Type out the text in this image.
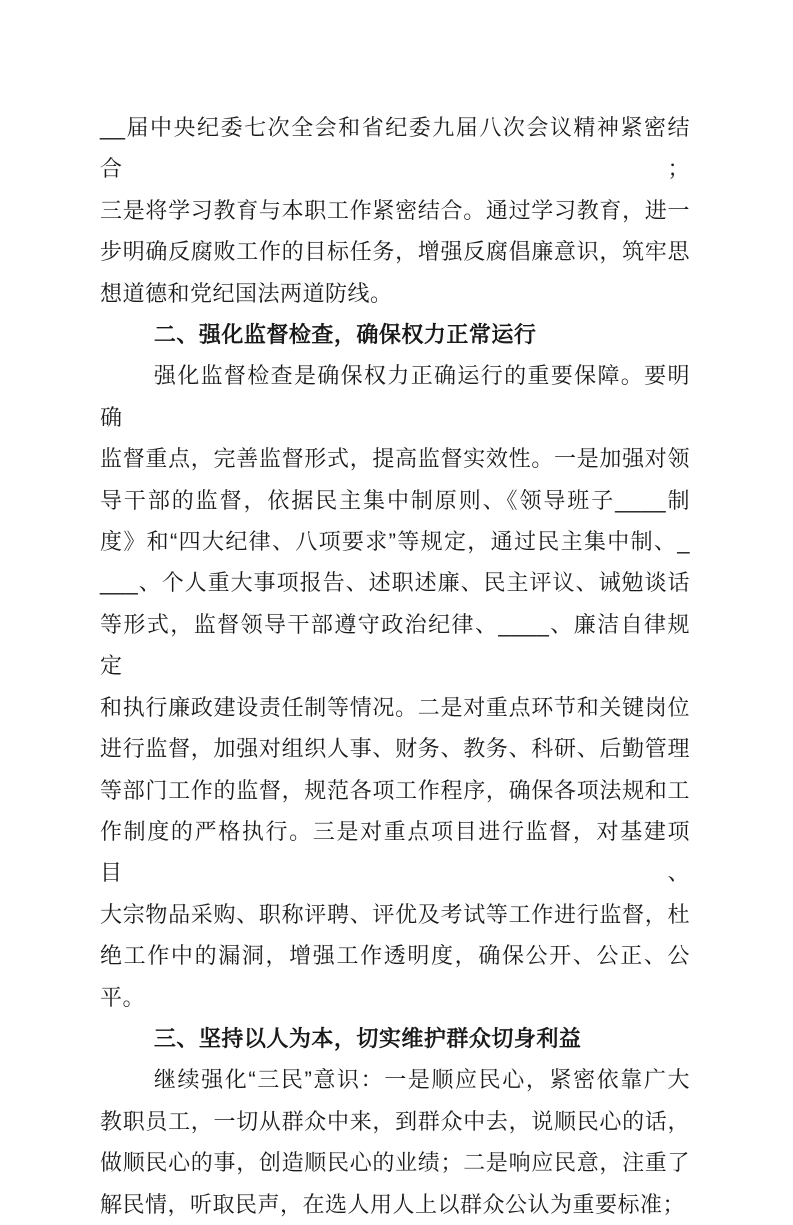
__届中央纪委七次全会和省纪委九届八次会议精神紧密结合；
三是将学习教育与本职工作紧密结合。通过学习教育，进一
步明确反腐败工作的目标任务，增强反腐倡廉意识，筑牢思
想道德和党纪国法两道防线。
二、强化监督检查，确保权力正常运行
强化监督检查是确保权力正确运行的重要保障。要明确
监督重点，完善监督形式，提高监督实效性。一是加强对领
导干部的监督，依据民主集中制原则、《领导班子____制
度》和“四大纪律、八项要求”等规定，通过民主集中制、_
___、个人重大事项报告、述职述廉、民主评议、诫勉谈话
等形式，监督领导干部遵守政治纪律、____、廉洁自律规定
和执行廉政建设责任制等情况。二是对重点环节和关键岗位
进行监督，加强对组织人事、财务、教务、科研、后勤管理
等部门工作的监督，规范各项工作程序，确保各项法规和工
作制度的严格执行。三是对重点项目进行监督，对基建项目、
大宗物品采购、职称评聘、评优及考试等工作进行监督，杜
绝工作中的漏洞，增强工作透明度，确保公开、公正、公平。
三、坚持以人为本，切实维护群众切身利益
继续强化“三民”意识：一是顺应民心，紧密依靠广大
教职员工，一切从群众中来，到群众中去，说顺民心的话，
做顺民心的事，创造顺民心的业绩；二是响应民意，注重了
解民情，听取民声，在选人用人上以群众公认为重要标准；
